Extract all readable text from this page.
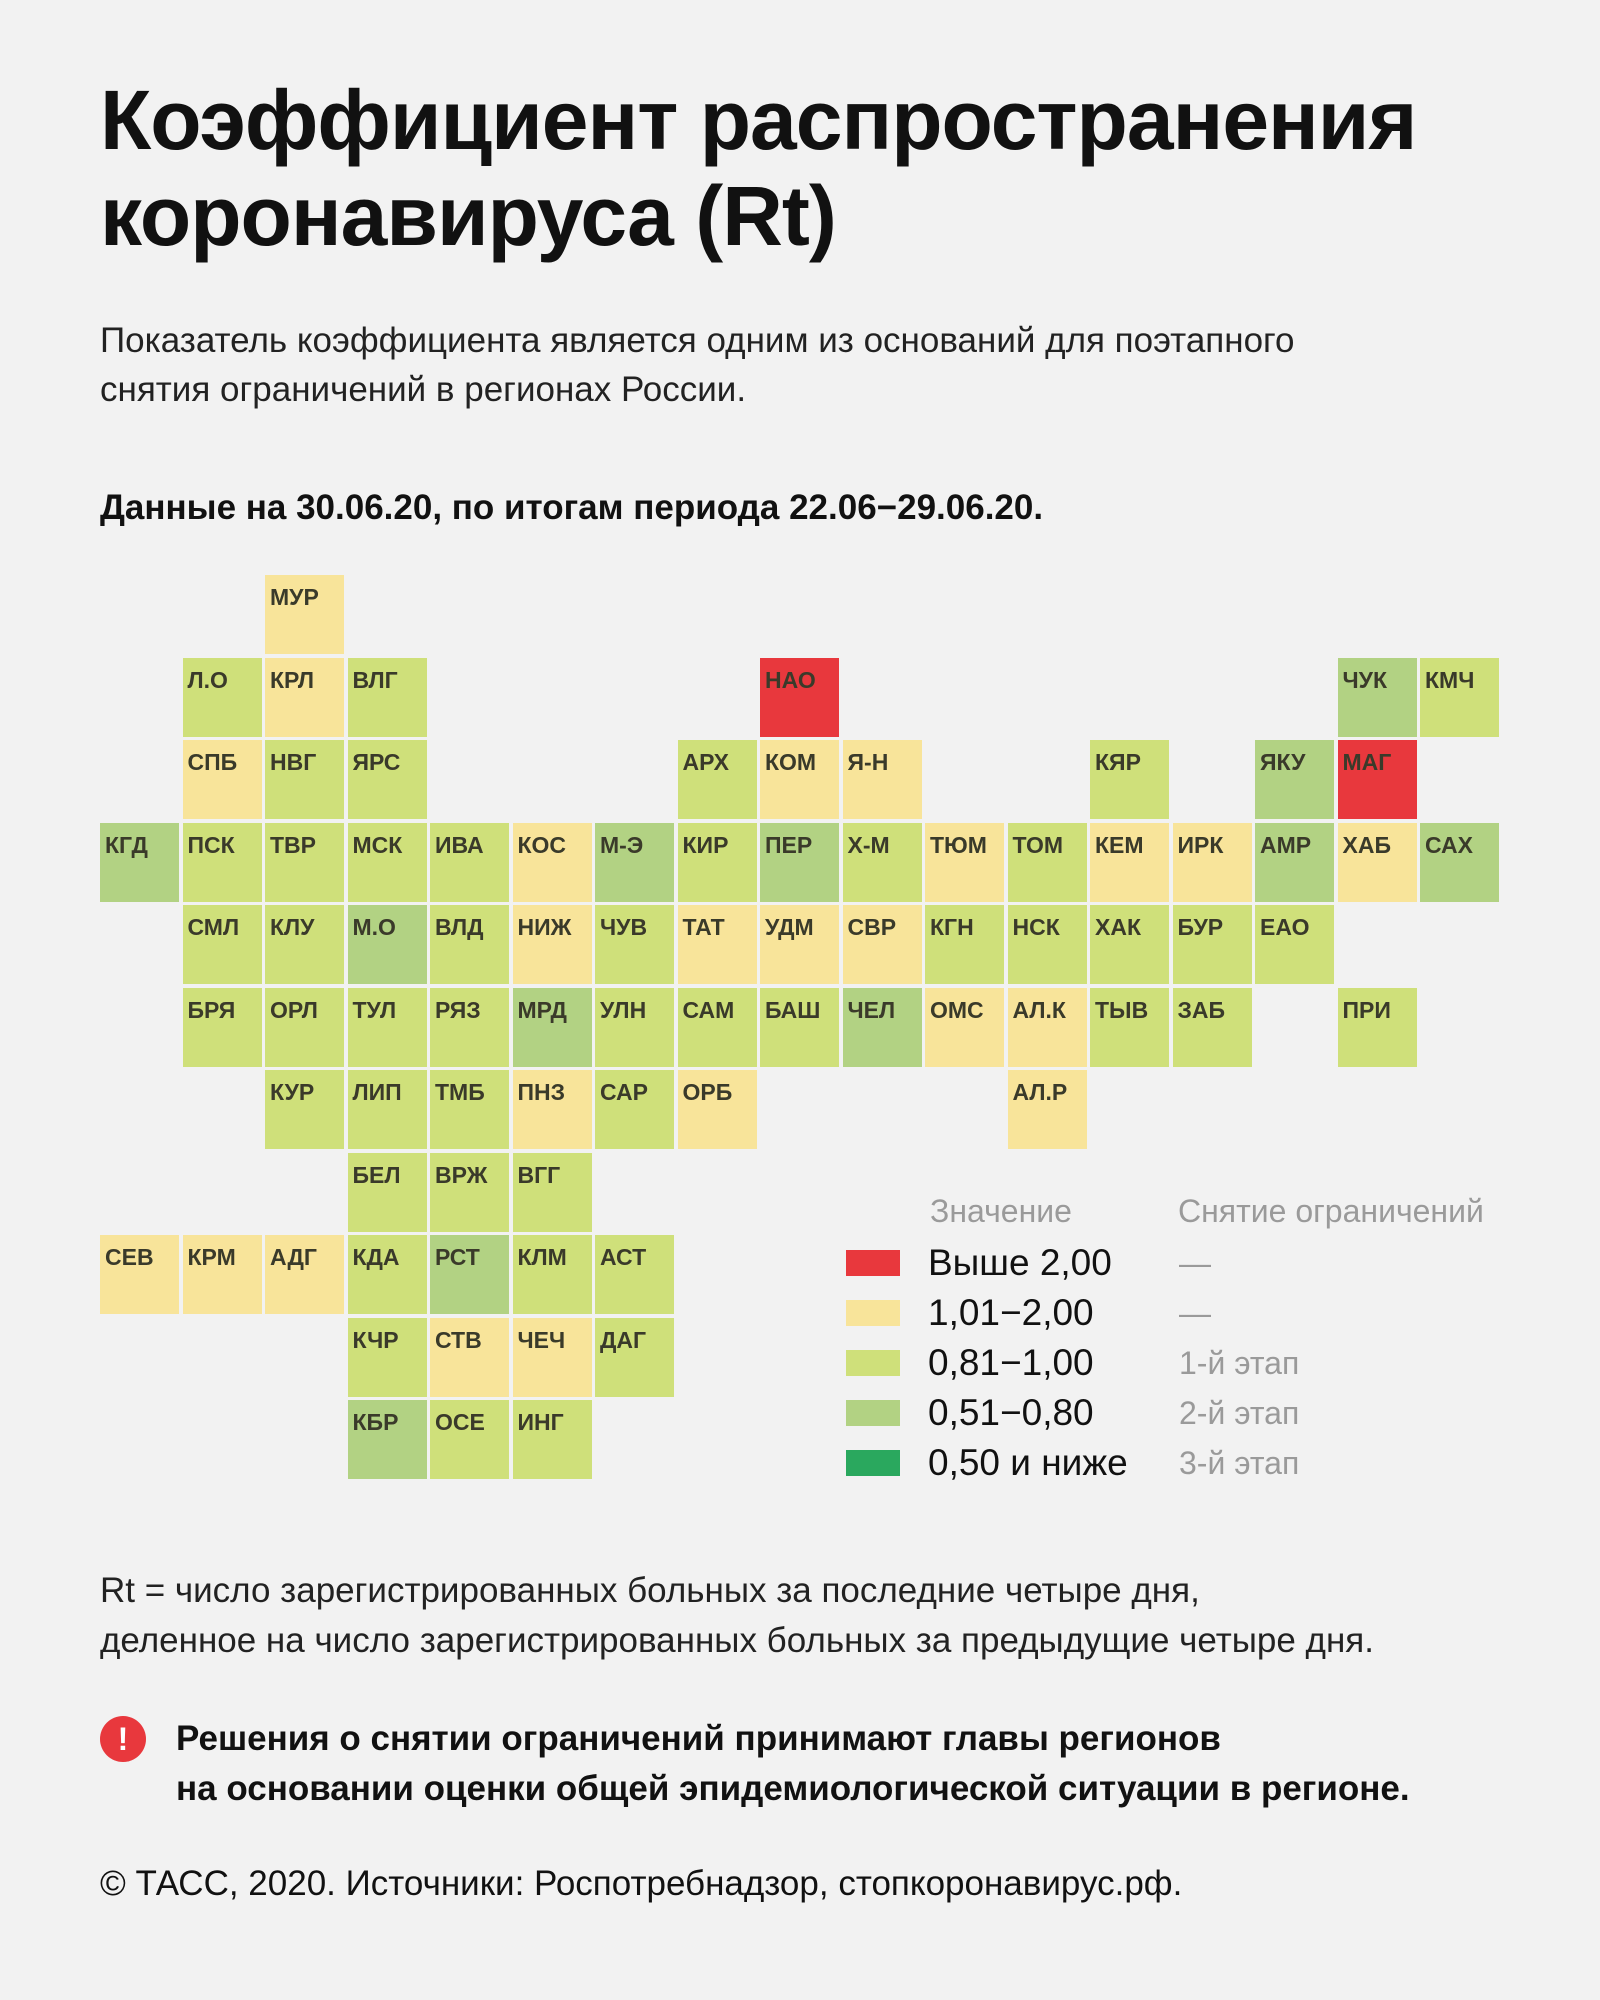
Коэффициент распространения
коронавируса (Rt)
Показатель коэффициента является одним из оснований для поэтапного
снятия ограничений в регионах России.
Данные на 30.06.20, по итогам периода 22.06−29.06.20.
МУР
Л.О КРЛ ВЛГ	НАО	ЧУК КМЧ
СПБ НВГ ЯРС	АРХ КОМ Я-Н	КЯР	ЯКУ МАГ
КГД ПСК ТВР МСК ИВА КОС М-Э КИР ПЕР Х-М ТЮМ ТОМ КЕМ ИРК АМР ХАБ САХ
СМЛ КЛУ М.О ВЛД НИЖ ЧУВ ТАТ УДМ СВР КГН НСК ХАК БУР ЕАО
БРЯ ОРЛ ТУЛ РЯЗ МРД УЛН САМ БАШ ЧЕЛ ОМС АЛ.К ТЫВ ЗАБ	ПРИ
КУР ЛИП ТМБ ПНЗ САР ОРБ	АЛ.Р
БЕЛ ВРЖ ВГГ
СЕВ КРМ АДГ КДА РСТ КЛМ АСТ
КЧР СТВ ЧЕЧ ДАГ
КБР ОСЕ ИНГ
Значение	Снятие ограничений
Выше 2,00 —
1,01−2,00	—
0,81−1,00	1-й этап
0,51−0,80	2-й этап
0,50 и ниже 3-й этап
Rt = число зарегистрированных больных за последние четыре дня,
деленное на число зарегистрированных больных за предыдущие четыре дня.
!	Решения о снятии ограничений принимают главы регионов
на основании оценки общей эпидемиологической ситуации в регионе.
© ТАСС, 2020. Источники: Роспотребнадзор, стопкоронавирус.рф.
